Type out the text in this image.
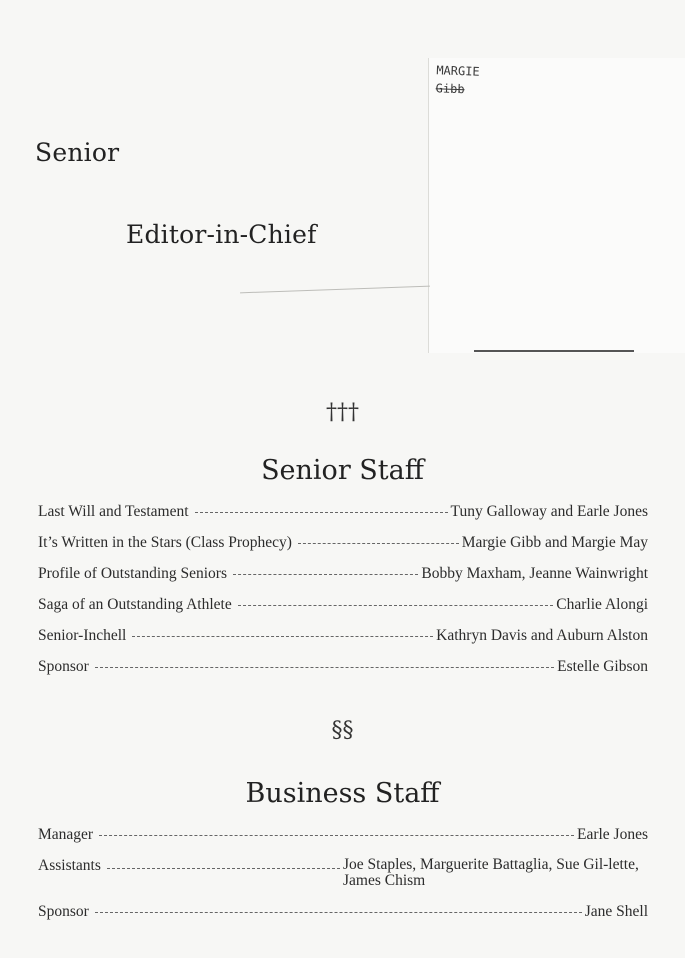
MARGIE
Gibb
Senior
Editor-in-Chief
†††
Senior Staff
Last Will and Testament	Tuny Galloway and Earle Jones
It’s Written in the Stars (Class Prophecy)	Margie Gibb and Margie May
Profile of Outstanding Seniors	Bobby Maxham, Jeanne Wainwright
Saga of an Outstanding Athlete	Charlie Alongi
Senior-Inchell	Kathryn Davis and Auburn Alston
Sponsor	Estelle Gibson
§§
Business Staff
Manager	Earle Jones
Assistants	Joe Staples, Marguerite Battaglia, Sue Gil-lette, James Chism
Sponsor	Jane Shell
